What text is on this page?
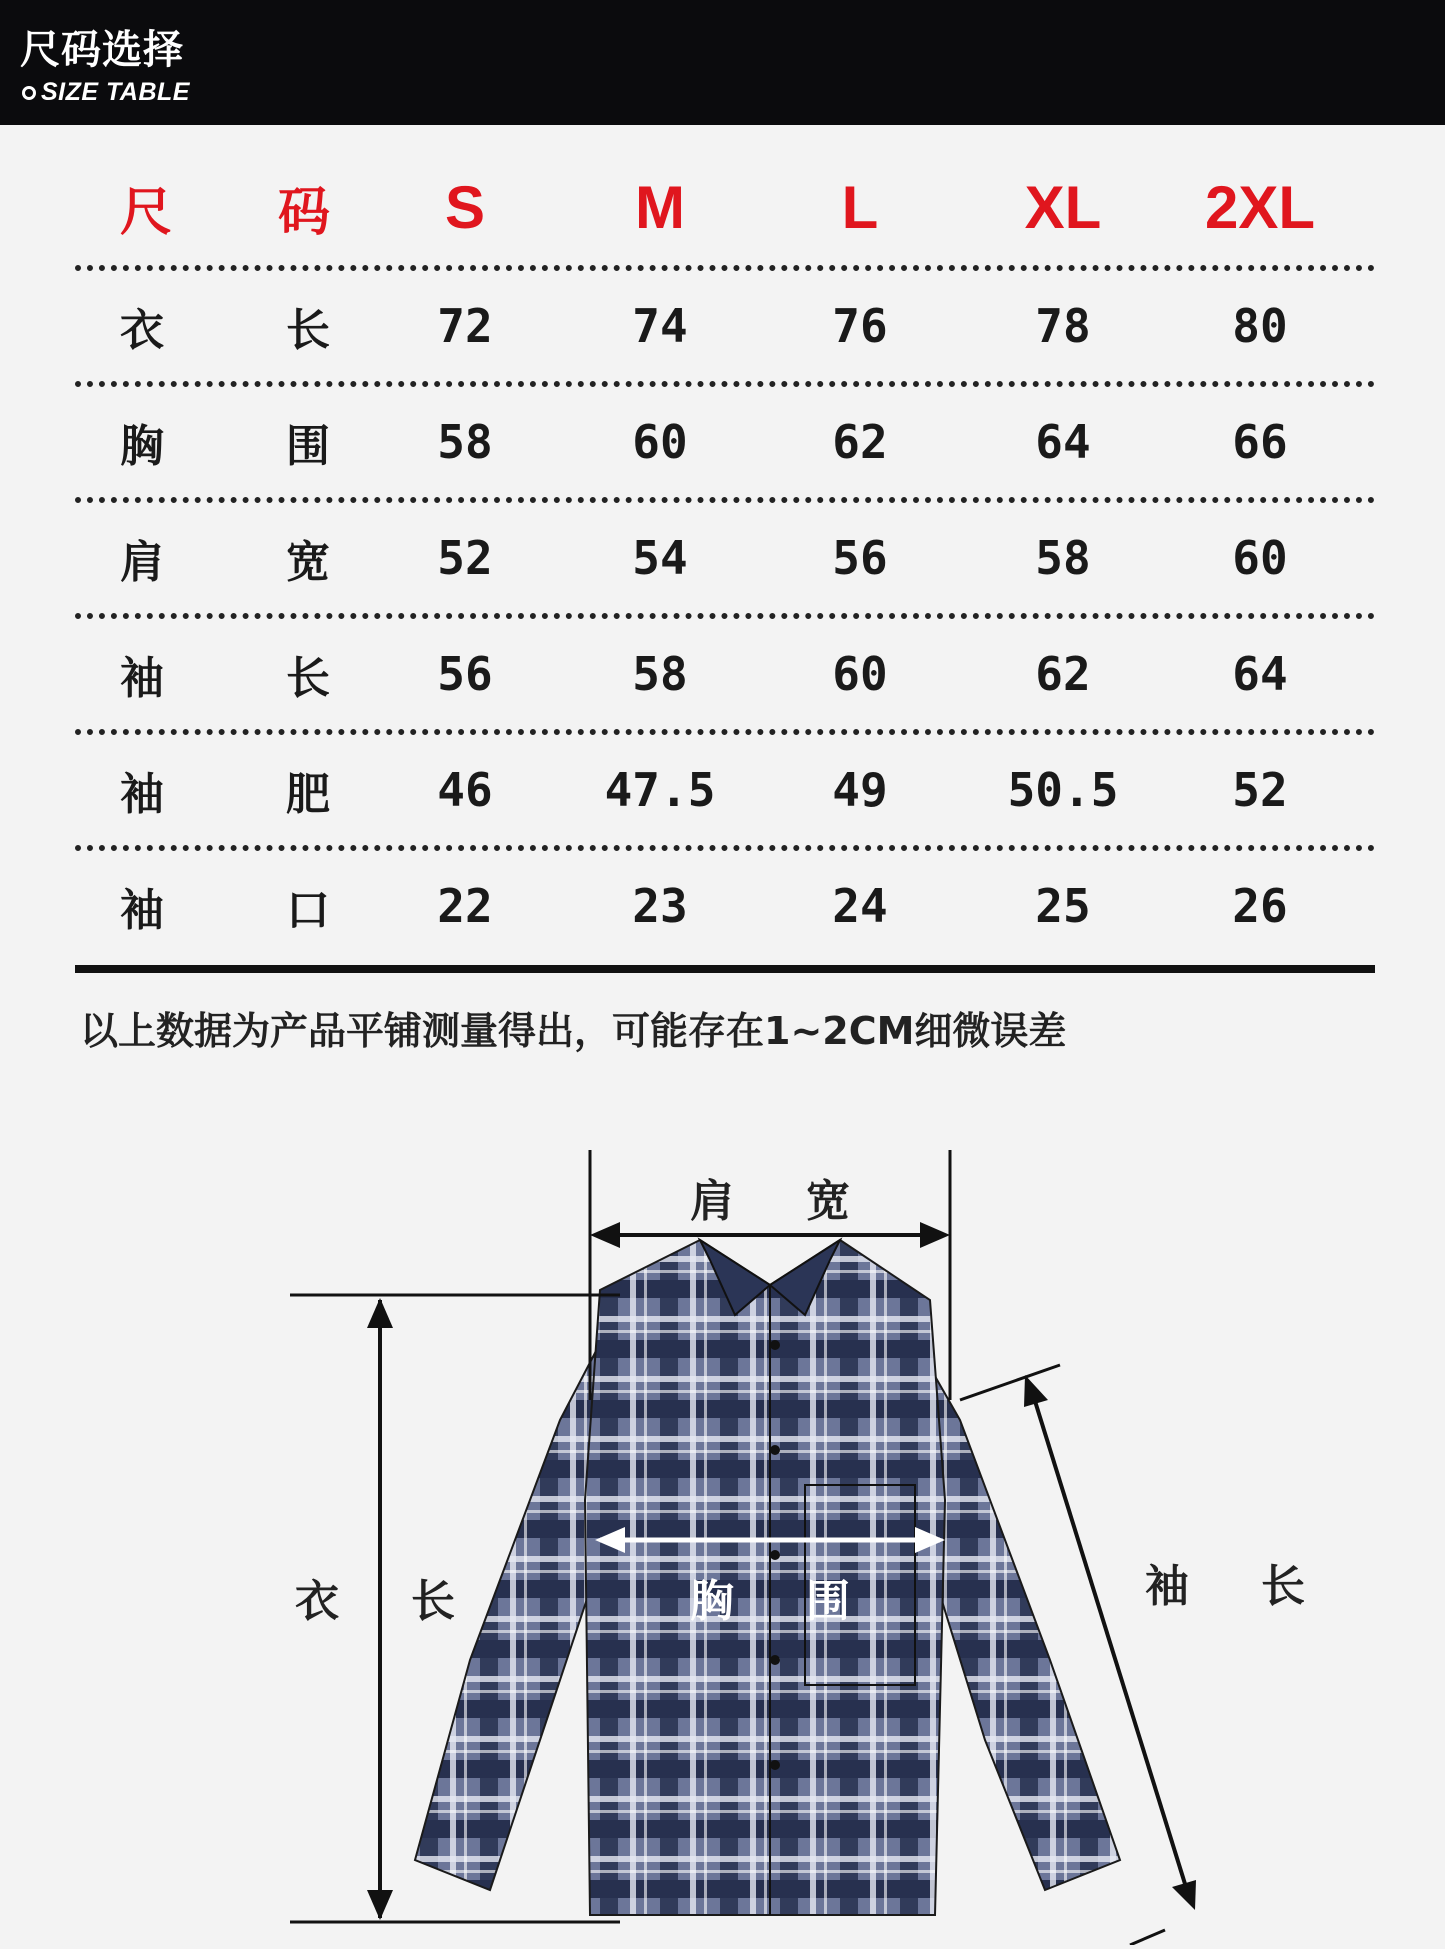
尺码选择
SIZE TABLE
尺 码	S	M	L	XL	2XL
衣	长	72	74	76	78	80
胸	围	58	60	62	64	66
肩	宽	52	54	56	58	60
袖	长	56	58	60	62	64
袖	肥	46	47.5	49	50.5	52
袖	口	22	23	24	25	26
以上数据为产品平铺测量得出，可能存在1~2CM细微误差
肩 宽
胸 围
衣 长	袖 长
